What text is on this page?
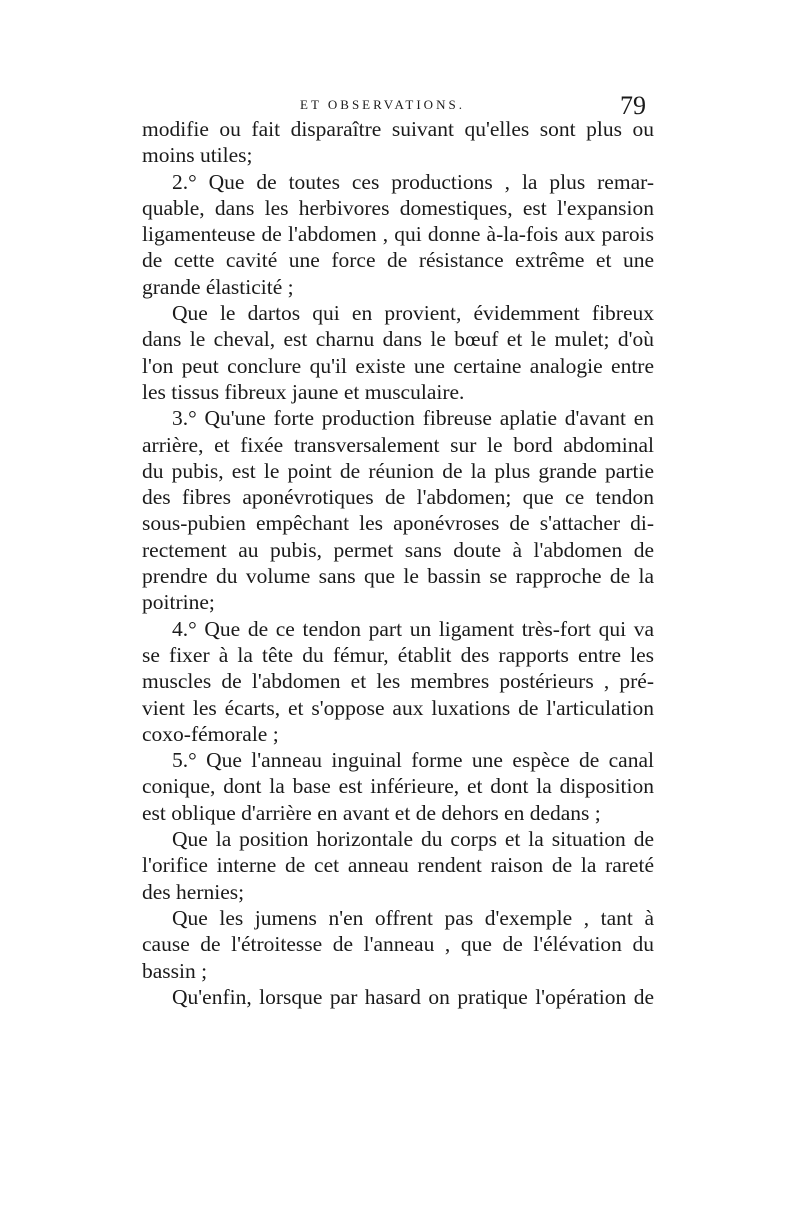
ET OBSERVATIONS.	79
modifie ou fait disparaître suivant qu'elles sont plus ou
moins utiles;
2.° Que de toutes ces productions , la plus remar-
quable, dans les herbivores domestiques, est l'expansion
ligamenteuse de l'abdomen , qui donne à-la-fois aux parois
de cette cavité une force de résistance extrême et une
grande élasticité ;
Que le dartos qui en provient, évidemment fibreux
dans le cheval, est charnu dans le bœuf et le mulet; d'où
l'on peut conclure qu'il existe une certaine analogie entre
les tissus fibreux jaune et musculaire.
3.° Qu'une forte production fibreuse aplatie d'avant en
arrière, et fixée transversalement sur le bord abdominal
du pubis, est le point de réunion de la plus grande partie
des fibres aponévrotiques de l'abdomen; que ce tendon
sous-pubien empêchant les aponévroses de s'attacher di-
rectement au pubis, permet sans doute à l'abdomen de
prendre du volume sans que le bassin se rapproche de la
poitrine;
4.° Que de ce tendon part un ligament très-fort qui va
se fixer à la tête du fémur, établit des rapports entre les
muscles de l'abdomen et les membres postérieurs , pré-
vient les écarts, et s'oppose aux luxations de l'articulation
coxo-fémorale ;
5.° Que l'anneau inguinal forme une espèce de canal
conique, dont la base est inférieure, et dont la disposition
est oblique d'arrière en avant et de dehors en dedans ;
Que la position horizontale du corps et la situation de
l'orifice interne de cet anneau rendent raison de la rareté
des hernies;
Que les jumens n'en offrent pas d'exemple , tant à
cause de l'étroitesse de l'anneau , que de l'élévation du
bassin ;
Qu'enfin, lorsque par hasard on pratique l'opération de
